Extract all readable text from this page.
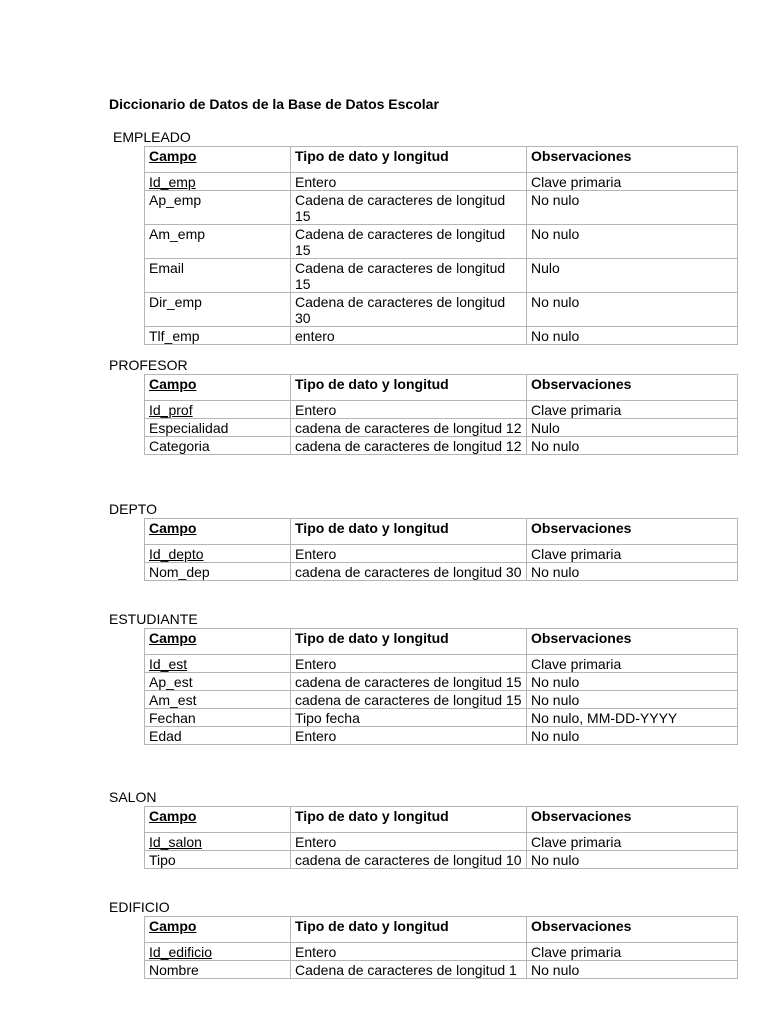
Diccionario de Datos de la Base de Datos Escolar
EMPLEADO
Campo	Tipo de dato y longitud	Observaciones
Id_emp	Entero	Clave primaria
Ap_emp	Cadena de caracteres de longitud 15	No nulo
Am_emp	Cadena de caracteres de longitud 15	No nulo
Email	Cadena de caracteres de longitud 15	Nulo
Dir_emp	Cadena de caracteres de longitud 30	No nulo
Tlf_emp	entero	No nulo
PROFESOR
Campo	Tipo de dato y longitud	Observaciones
Id_prof	Entero	Clave primaria
Especialidad	cadena de caracteres de longitud 12	Nulo
Categoria	cadena de caracteres de longitud 12	No nulo
DEPTO
Campo	Tipo de dato y longitud	Observaciones
Id_depto	Entero	Clave primaria
Nom_dep	cadena de caracteres de longitud 30	No nulo
ESTUDIANTE
Campo	Tipo de dato y longitud	Observaciones
Id_est	Entero	Clave primaria
Ap_est	cadena de caracteres de longitud 15	No nulo
Am_est	cadena de caracteres de longitud 15	No nulo
Fechan	Tipo fecha	No nulo, MM-DD-YYYY
Edad	Entero	No nulo
SALON
Campo	Tipo de dato y longitud	Observaciones
Id_salon	Entero	Clave primaria
Tipo	cadena de caracteres de longitud 10	No nulo
EDIFICIO
Campo	Tipo de dato y longitud	Observaciones
Id_edificio	Entero	Clave primaria
Nombre	Cadena de caracteres de longitud 1	No nulo
